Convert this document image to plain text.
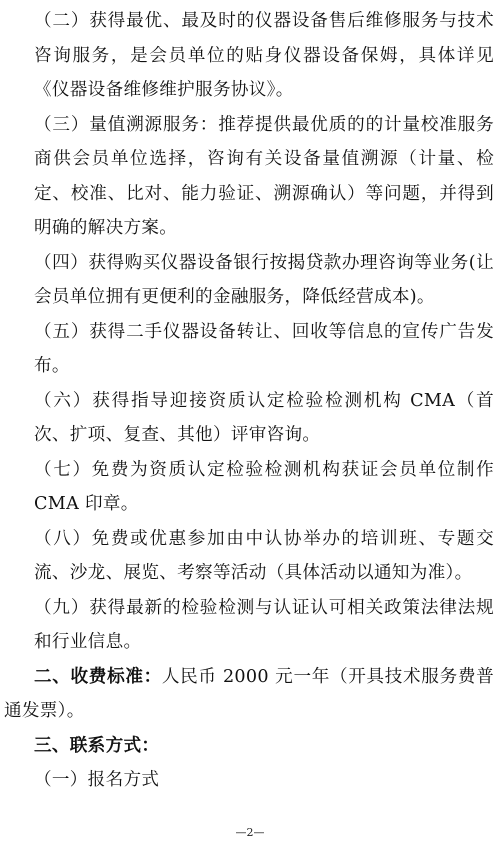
（二）获得最优、最及时的仪器设备售后维修服务与技术咨询服务，是会员单位的贴身仪器设备保姆，具体详见《仪器设备维修维护服务协议》。

（三）量值溯源服务：推荐提供最优质的的计量校准服务商供会员单位选择，咨询有关设备量值溯源（计量、检定、校准、比对、能力验证、溯源确认）等问题，并得到明确的解决方案。

（四）获得购买仪器设备银行按揭贷款办理咨询等业务(让会员单位拥有更便利的金融服务，降低经营成本)。

（五）获得二手仪器设备转让、回收等信息的宣传广告发布。

（六）获得指导迎接资质认定检验检测机构 CMA（首次、扩项、复查、其他）评审咨询。

（七）免费为资质认定检验检测机构获证会员单位制作CMA 印章。

（八）免费或优惠参加由中认协举办的培训班、专题交流、沙龙、展览、考察等活动（具体活动以通知为准）。

（九）获得最新的检验检测与认证认可相关政策法律法规和行业信息。

二、收费标准：人民币 2000 元一年（开具技术服务费普通发票）。

三、联系方式：

（一）报名方式

—2—
